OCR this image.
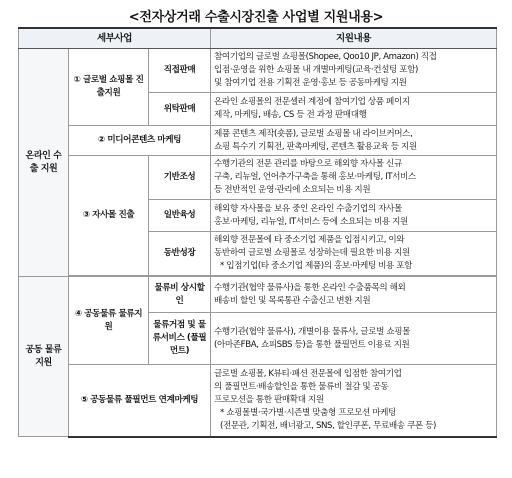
<전자상거래 수출시장진출 사업별 지원내용>
세부사업			지원내용
온라인 수출 지원	① 글로벌 쇼핑몰 진출지원	직접판매	참여기업의 글로벌 쇼핑몰(Shopee, Qoo10 JP, Amazon) 직접
입점·운영을 위한 쇼핑몰 내 개별마케팅(교육·컨설팅 포함)
및 참여기업 전용 기획전 운영·홍보 등 공동마케팅 지원

		위탁판매	온라인 쇼핑몰의 전문셀러 계정에 참여기업 상품 페이지
제작, 마케팅, 배송, CS 등 전 과정 판매대행

	② 미디어콘텐츠 마케팅		제품 콘텐츠 제작(숏폼), 글로벌 쇼핑몰 내 라이브커머스,
쇼핑 특수기 기획전, 판촉마케팅, 콘텐츠 활용교육 등 지원

	③ 자사몰 진출	기반조성	수행기관의 전문 관리를 바탕으로 해외향 자사몰 신규
구축, 리뉴얼, 언어추가구축을 통해 홍보·마케팅, IT서비스
등 전반적인 운영·관리에 소요되는 비용 지원

		일반육성	해외향 자사몰을 보유 중인 온라인 수출기업의 자사몰
홍보·마케팅, 리뉴얼, IT서비스 등에 소요되는 비용 지원

		동반성장	해외향 전문몰에 타 중소기업 제품을 입점시키고, 이와
동반하여 글로벌 쇼핑몰로 성장하는데 필요한 비용 지원
* 입점기업(타 중소기업 제품)의 홍보·마케팅 비용 포함

공동 물류 지원	④ 공동물류 물류지원	물류비 상시할인	수행기관(협약 물류사)을 통한 온라인 수출품목의 해외
배송비 할인 및 목록통관 수출신고 변환 지원

		물류거점 및 물류서비스 (풀필먼트)	수행기관(협약 물류사), 개별이용 물류사, 글로벌 쇼핑몰
(아마존FBA, 쇼피SBS 등)을 통한 풀필먼트 이용료 지원

	⑤ 공동물류 풀필먼트 연계마케팅		글로벌 쇼핑몰, K뷰티·패션 전문몰에 입점한 참여기업
의 풀필먼트·배송할인을 통한 물류비 절감 및 공동
프로모션을 통한 판매확대 지원
* 쇼핑몰별·국가별·시즌별 맞춤형 프로모션 마케팅
(전문관, 기획전, 배너광고, SNS, 할인쿠폰, 무료배송 쿠폰 등)
